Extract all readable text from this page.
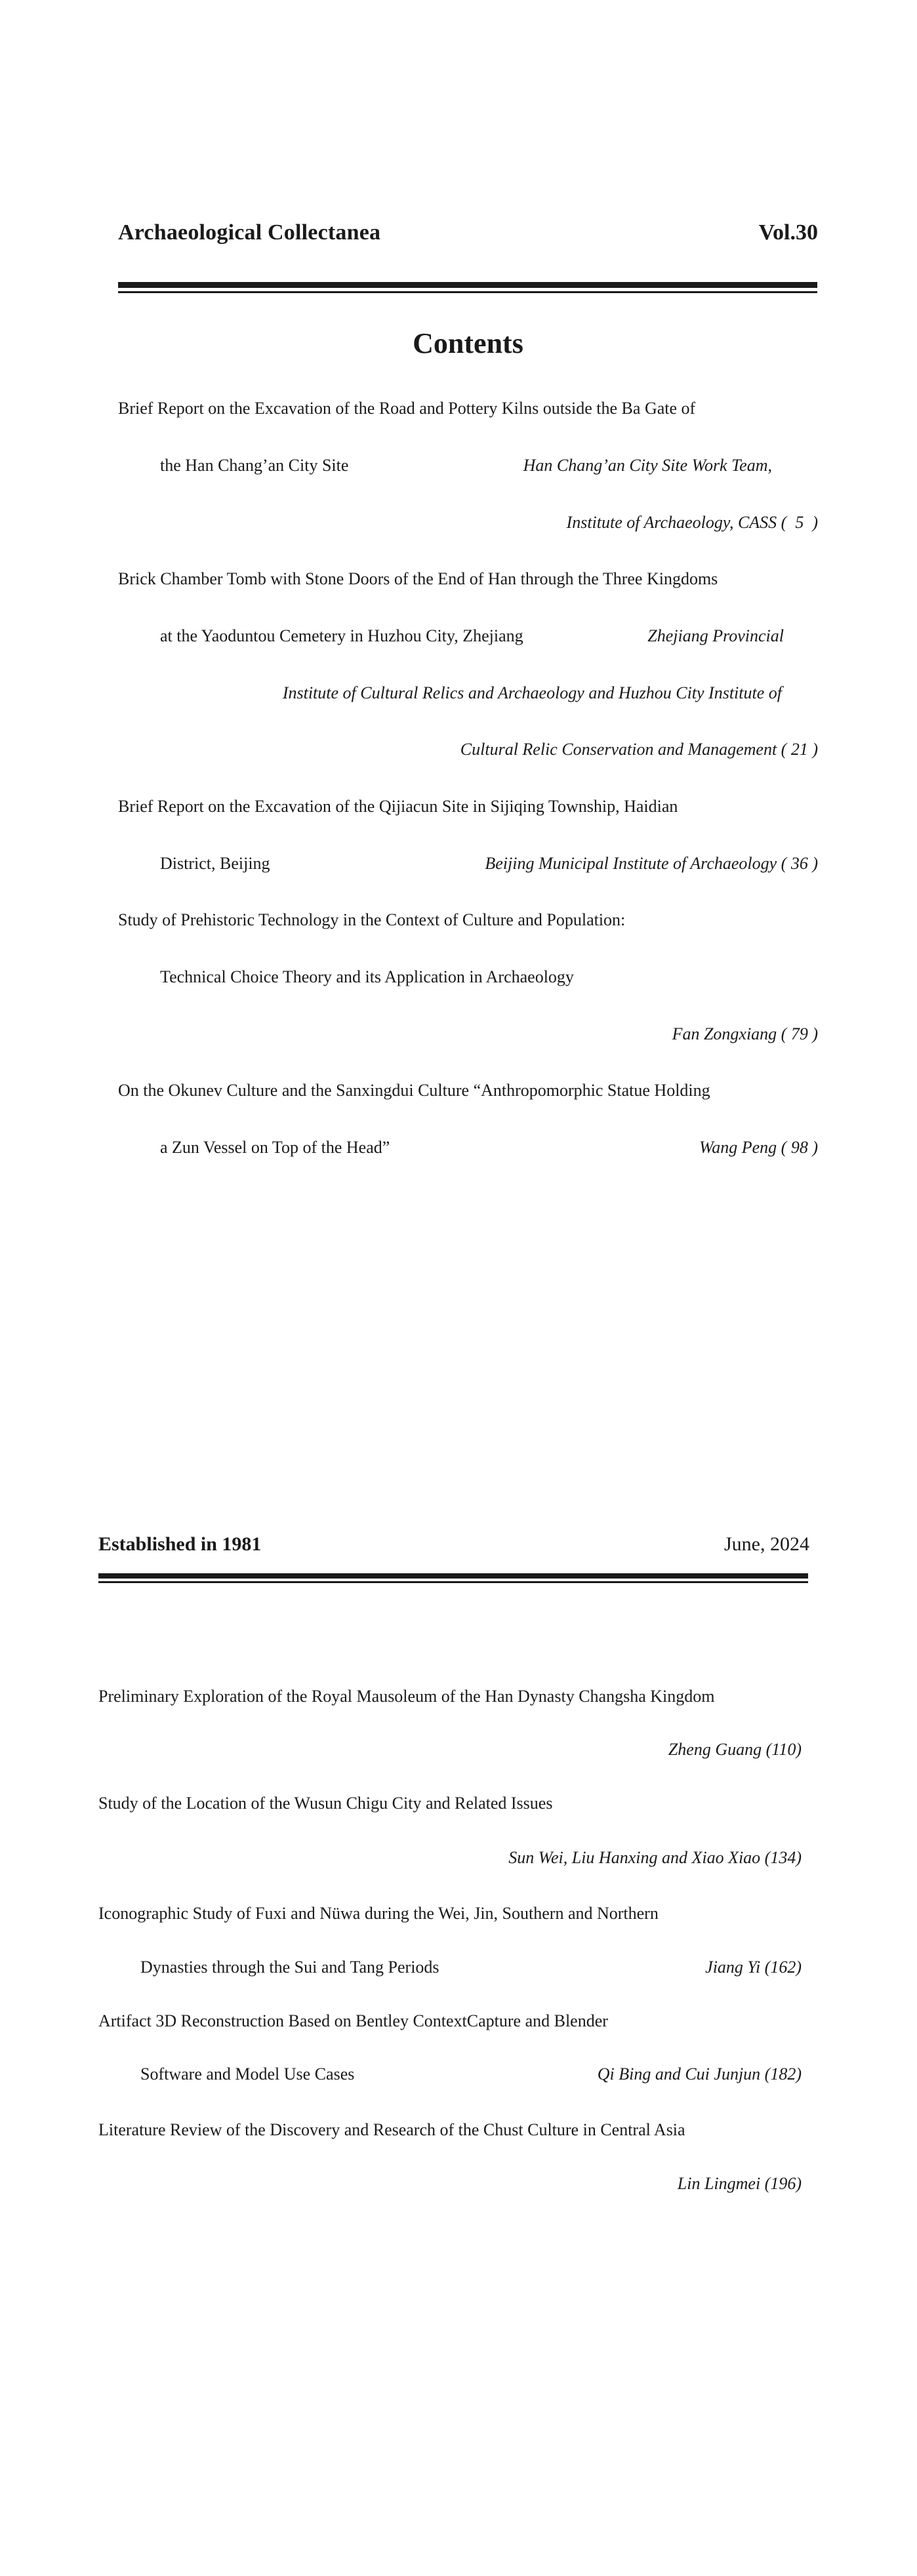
Archaeological Collectanea	Vol.30
Contents
Brief Report on the Excavation of the Road and Pottery Kilns outside the Ba Gate of
the Han Chang’an City Site	Han Chang’an City Site Work Team,
Institute of Archaeology, CASS (  5  )
Brick Chamber Tomb with Stone Doors of the End of Han through the Three Kingdoms
at the Yaoduntou Cemetery in Huzhou City, Zhejiang	Zhejiang Provincial
Institute of Cultural Relics and Archaeology and Huzhou City Institute of
Cultural Relic Conservation and Management ( 21 )
Brief Report on the Excavation of the Qijiacun Site in Sijiqing Township, Haidian
District, Beijing	Beijing Municipal Institute of Archaeology ( 36 )
Study of Prehistoric Technology in the Context of Culture and Population:
Technical Choice Theory and its Application in Archaeology
Fan Zongxiang ( 79 )
On the Okunev Culture and the Sanxingdui Culture “Anthropomorphic Statue Holding
a Zun Vessel on Top of the Head”	Wang Peng ( 98 )
Established in 1981	June, 2024
Preliminary Exploration of the Royal Mausoleum of the Han Dynasty Changsha Kingdom
Zheng Guang (110)
Study of the Location of the Wusun Chigu City and Related Issues
Sun Wei, Liu Hanxing and Xiao Xiao (134)
Iconographic Study of Fuxi and Nüwa during the Wei, Jin, Southern and Northern
Dynasties through the Sui and Tang Periods	Jiang Yi (162)
Artifact 3D Reconstruction Based on Bentley ContextCapture and Blender
Software and Model Use Cases	Qi Bing and Cui Junjun (182)
Literature Review of the Discovery and Research of the Chust Culture in Central Asia
Lin Lingmei (196)
